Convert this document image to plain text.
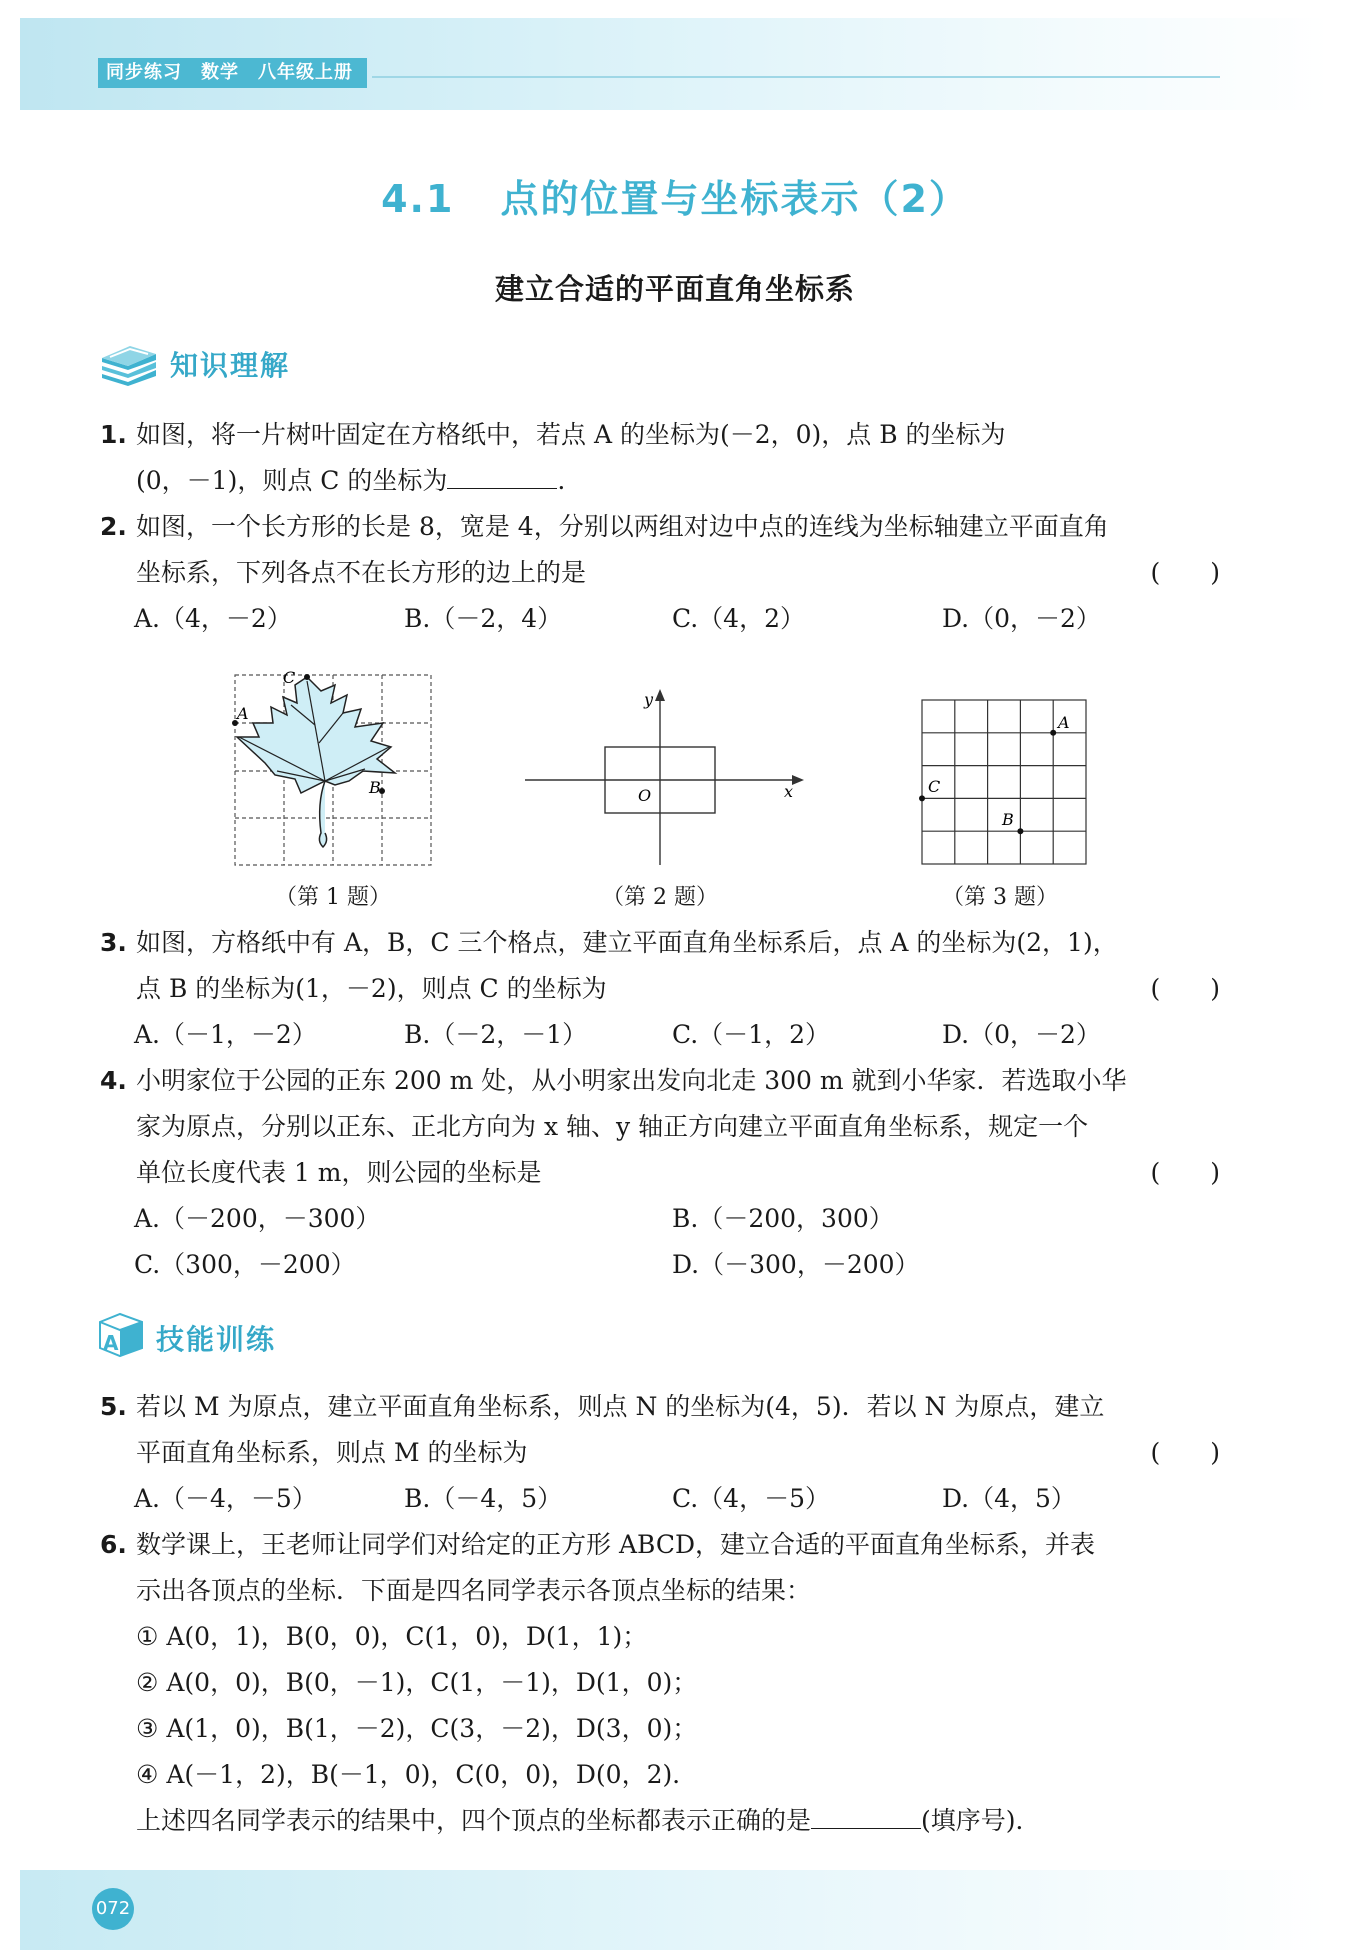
同步练习　数学　八年级上册
4.1 点的位置与坐标表示（2）
建立合适的平面直角坐标系
知识理解
1. 如图，将一片树叶固定在方格纸中，若点 A 的坐标为(－2，0)，点 B 的坐标为
(0，－1)，则点 C 的坐标为	.
2. 如图，一个长方形的长是 8，宽是 4，分别以两组对边中点的连线为坐标轴建立平面直角
坐标系，下列各点不在长方形的边上的是	(　　)
A.（4，－2）	B.（－2，4）	C.（4，2）	D.（0，－2）
A
B
C
（第 1 题）
O	x
y
（第 2 题）
A
B
C
（第 3 题）
3. 如图，方格纸中有 A，B，C 三个格点，建立平面直角坐标系后，点 A 的坐标为(2，1)，
点 B 的坐标为(1，－2)，则点 C 的坐标为	(　　)
A.（－1，－2）	B.（－2，－1）	C.（－1，2）	D.（0，－2）
4. 小明家位于公园的正东 200 m 处，从小明家出发向北走 300 m 就到小华家．若选取小华
家为原点，分别以正东、正北方向为 x 轴、y 轴正方向建立平面直角坐标系，规定一个
单位长度代表 1 m，则公园的坐标是	(　　)
A.（－200，－300）	B.（－200，300）
C.（300，－200）	D.（－300，－200）
A 技能训练
5. 若以 M 为原点，建立平面直角坐标系，则点 N 的坐标为(4，5)．若以 N 为原点，建立
平面直角坐标系，则点 M 的坐标为	(　　)
A.（－4，－5）	B.（－4，5）	C.（4，－5）	D.（4，5）
6. 数学课上，王老师让同学们对给定的正方形 ABCD，建立合适的平面直角坐标系，并表
示出各顶点的坐标．下面是四名同学表示各顶点坐标的结果：
① A(0，1)，B(0，0)，C(1，0)，D(1，1)；
② A(0，0)，B(0，－1)，C(1，－1)，D(1，0)；
③ A(1，0)，B(1，－2)，C(3，－2)，D(3，0)；
④ A(－1，2)，B(－1，0)，C(0，0)，D(0，2)．
上述四名同学表示的结果中，四个顶点的坐标都表示正确的是	(填序号)．
072
